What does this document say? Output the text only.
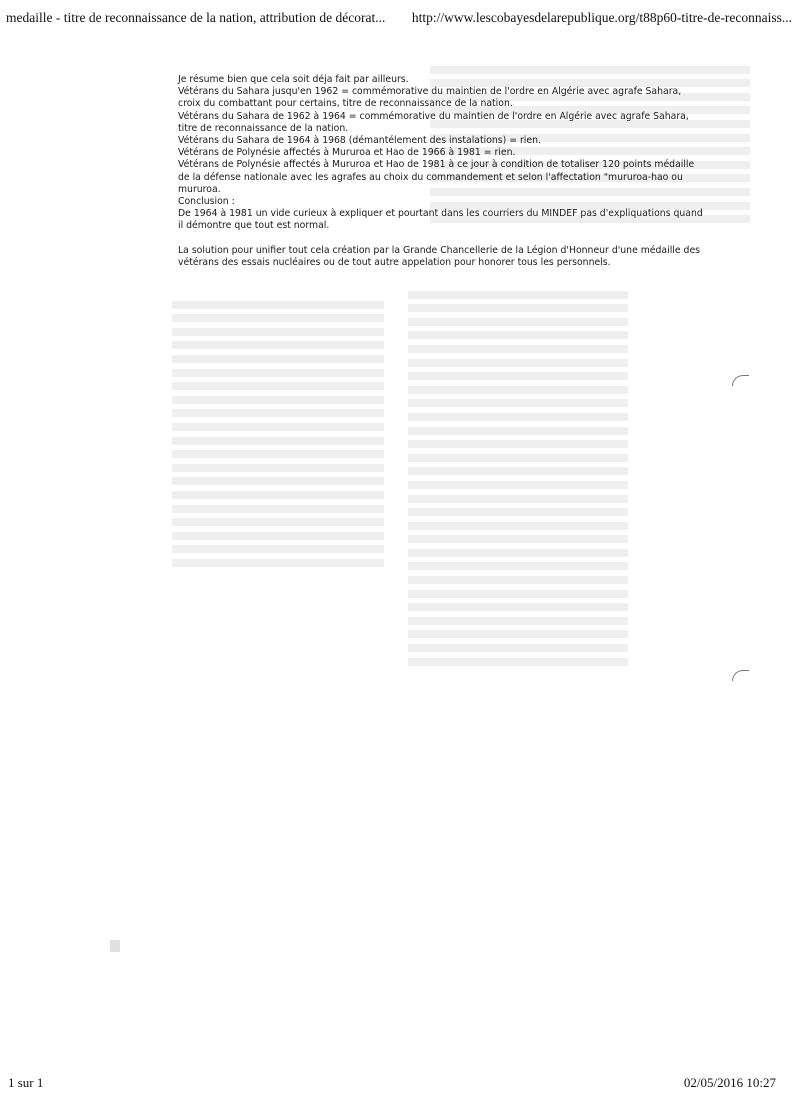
medaille - titre de reconnaissance de la nation, attribution de décorat... http://www.lescobayesdelarepublique.org/t88p60-titre-de-reconnaiss...

Je résume bien que cela soit déja fait par ailleurs.

Vétérans du Sahara jusqu'en 1962 = commémorative du maintien de l'ordre en Algérie avec agrafe Sahara, croix du combattant pour certains, titre de reconnaissance de la nation.

Vétérans du Sahara de 1962 à 1964 = commémorative du maintien de l'ordre en Algérie avec agrafe Sahara, titre de reconnaissance de la nation.

Vétérans du Sahara de 1964 à 1968 (démantélement des instalations) = rien.

Vétérans de Polynésie affectés à Mururoa et Hao de 1966 à 1981 = rien.

Vétérans de Polynésie affectés à Mururoa et Hao de 1981 à ce jour à condition de totaliser 120 points médaille de la défense nationale avec les agrafes au choix du commandement et selon l'affectation "mururoa-hao ou mururoa.

Conclusion :

De 1964 à 1981 un vide curieux à expliquer et pourtant dans les courriers du MINDEF pas d'expliquations quand il démontre que tout est normal.

La solution pour unifier tout cela création par la Grande Chancellerie de la Légion d'Honneur d'une médaille des vétérans des essais nucléaires ou de tout autre appelation pour honorer tous les personnels.

1 sur 1	02/05/2016 10:27
